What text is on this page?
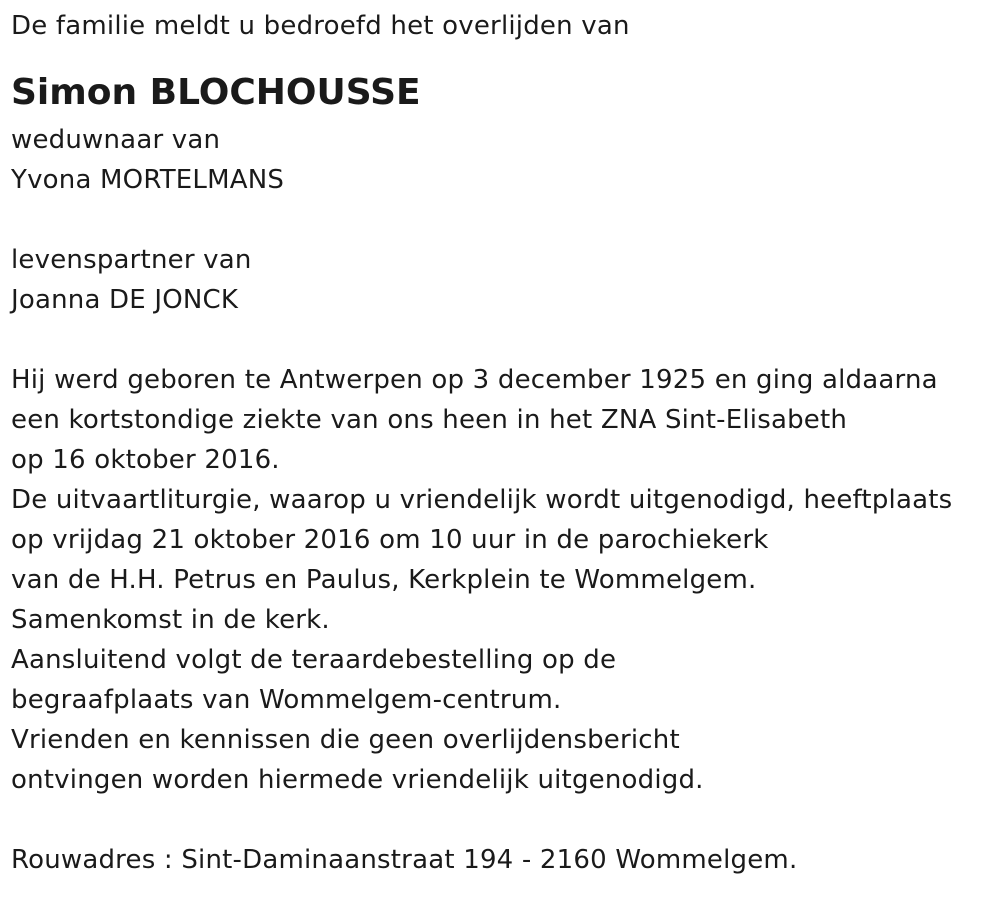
De familie meldt u bedroefd het overlijden van
Simon BLOCHOUSSE
weduwnaar van
Yvona MORTELMANS
levenspartner van
Joanna DE JONCK
Hij werd geboren te Antwerpen op 3 december 1925 en ging aldaarna
een kortstondige ziekte van ons heen in het ZNA Sint-Elisabeth
op 16 oktober 2016.
De uitvaartliturgie, waarop u vriendelijk wordt uitgenodigd, heeftplaats
op vrijdag 21 oktober 2016 om 10 uur in de parochiekerk
van de H.H. Petrus en Paulus, Kerkplein te Wommelgem.
Samenkomst in de kerk.
Aansluitend volgt de teraardebestelling op de
begraafplaats van Wommelgem-centrum.
Vrienden en kennissen die geen overlijdensbericht
ontvingen worden hiermede vriendelijk uitgenodigd.
Rouwadres : Sint-Daminaanstraat 194 - 2160 Wommelgem.
